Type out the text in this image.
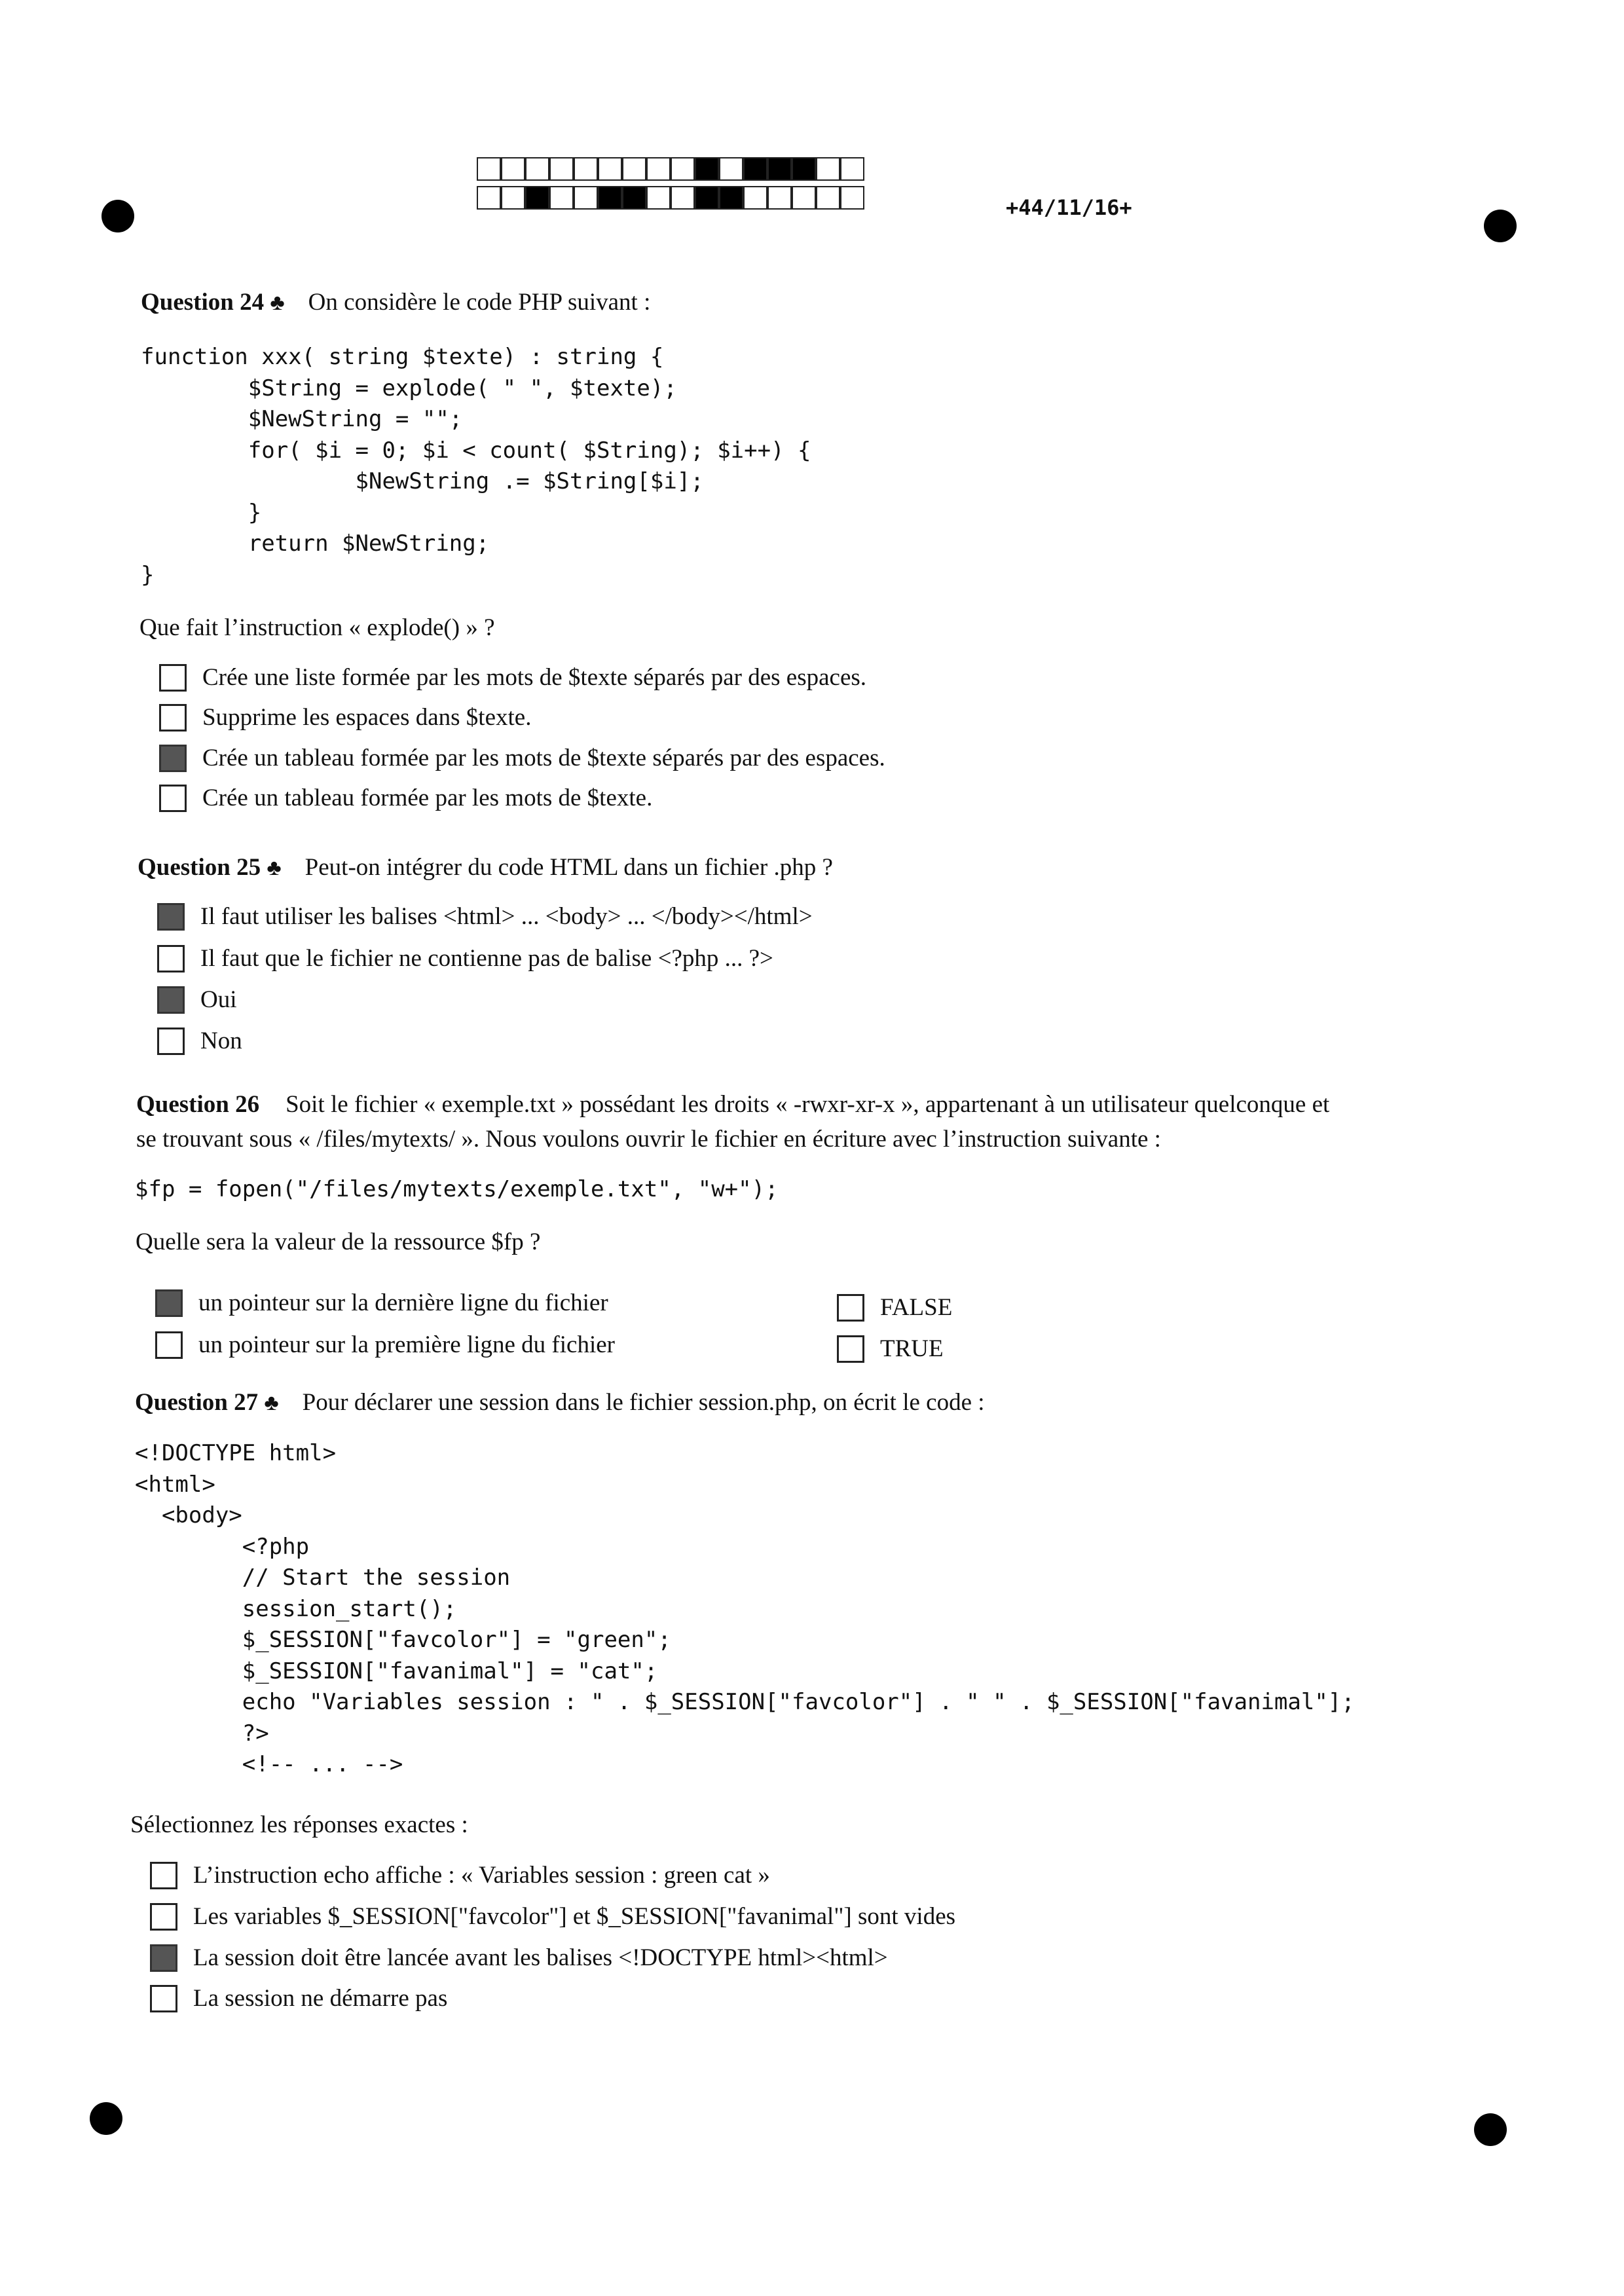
+44/11/16+
Question 24 ♣ On considère le code PHP suivant :
function xxx( string $texte) : string {
$String = explode( " ", $texte);
$NewString = "";
for( $i = 0; $i < count( $String); $i++) {
$NewString .= $String[$i];
}
return $NewString;
}
Que fait l’instruction « explode() » ?
Crée une liste formée par les mots de $texte séparés par des espaces.
Supprime les espaces dans $texte.
Crée un tableau formée par les mots de $texte séparés par des espaces.
Crée un tableau formée par les mots de $texte.
Question 25 ♣ Peut-on intégrer du code HTML dans un fichier .php ?
Il faut utiliser les balises <html> ... <body> ... </body></html>
Il faut que le fichier ne contienne pas de balise <?php ... ?>
Oui
Non
Question 26 Soit le fichier « exemple.txt » possédant les droits « -rwxr-xr-x », appartenant à un utilisateur quelconque et
se trouvant sous « /files/mytexts/ ». Nous voulons ouvrir le fichier en écriture avec l’instruction suivante :
$fp = fopen("/files/mytexts/exemple.txt", "w+");
Quelle sera la valeur de la ressource $fp ?
un pointeur sur la dernière ligne du fichier
un pointeur sur la première ligne du fichier
FALSE
TRUE
Question 27 ♣ Pour déclarer une session dans le fichier session.php, on écrit le code :
<!DOCTYPE html>
<html>
<body>
<?php
// Start the session
session_start();
$_SESSION["favcolor"] = "green";
$_SESSION["favanimal"] = "cat";
echo "Variables session : " . $_SESSION["favcolor"] . " " . $_SESSION["favanimal"];
?>
<!-- ... -->
Sélectionnez les réponses exactes :
L’instruction echo affiche : « Variables session : green cat »
Les variables $_SESSION["favcolor"] et $_SESSION["favanimal"] sont vides
La session doit être lancée avant les balises <!DOCTYPE html><html>
La session ne démarre pas
